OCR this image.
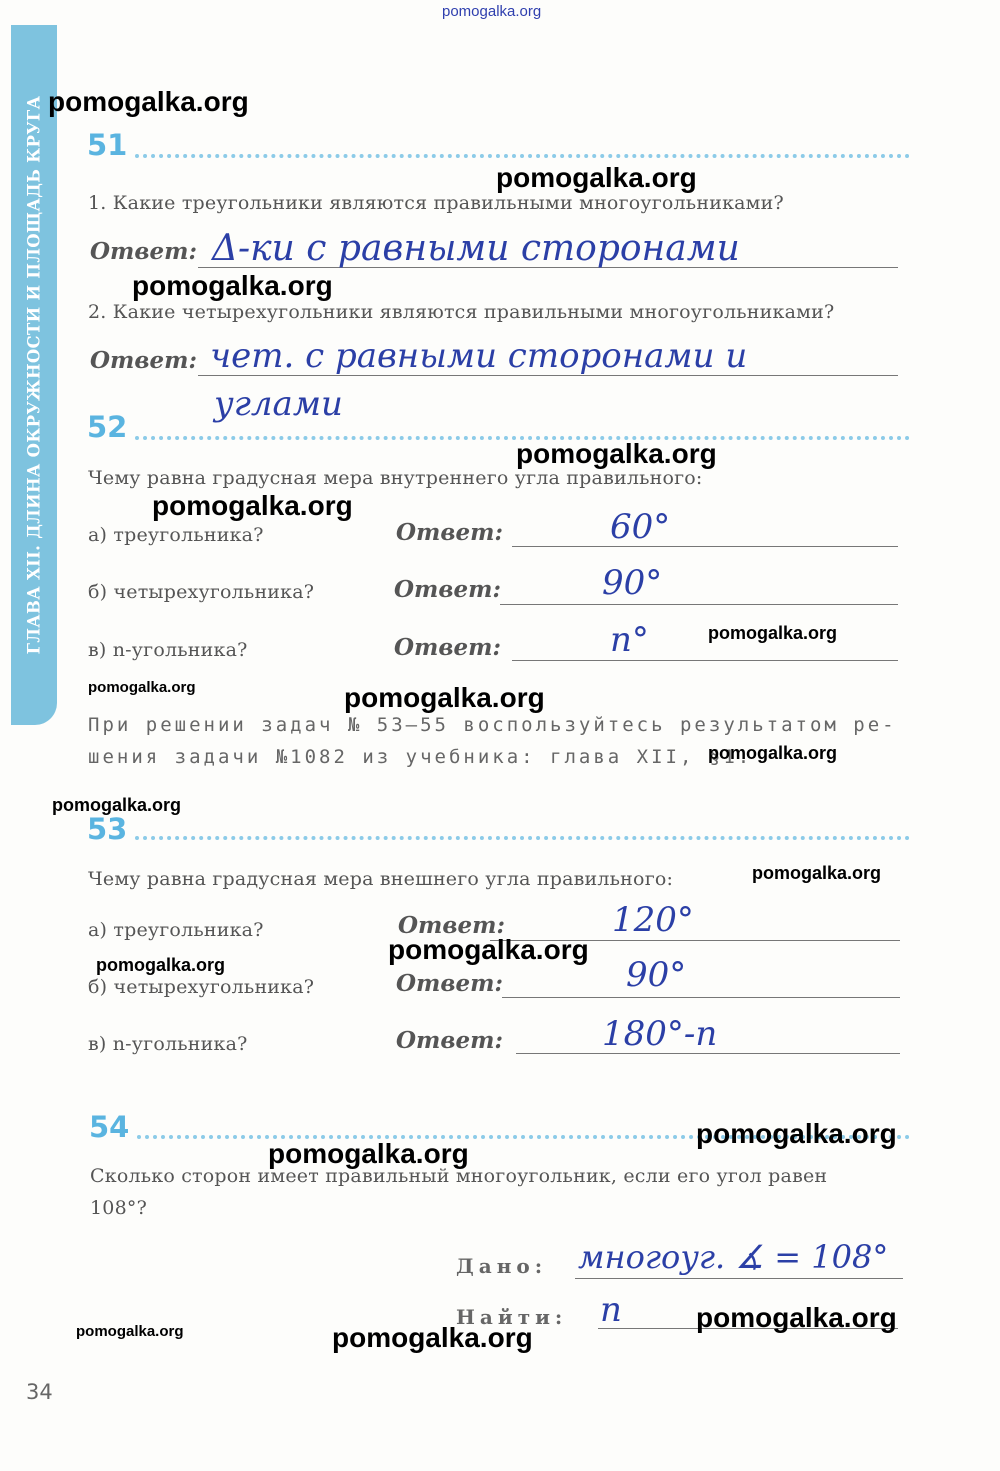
pomogalka.org
ГЛАВА XII. ДЛИНА ОКРУЖНОСТИ И ПЛОЩАДЬ КРУГА 51
1. Какие треугольники являются правильными многоугольниками?
Ответ: Δ-ки с равными сторонами
2. Какие четырехугольники являются правильными многоугольниками?
Ответ: чет. с равными сторонами и
углами
52
Чему равна градусная мера внутреннего угла правильного:
а) треугольника?	Ответ:	60°
б) четырехугольника?	Ответ:	90°
в) n-угольника?	Ответ:	n°
При решении задач № 53–55 воспользуйтесь результатом ре-
шения задачи №1082 из учебника: глава XII, §1.
53
Чему равна градусная мера внешнего угла правильного:
а) треугольника?	Ответ:	120°
б) четырехугольника?	Ответ:	90°
в) n-угольника?	Ответ:	180°-n
54
Сколько сторон имеет правильный многоугольник, если его угол равен
108°?
Дано: многоуг. ∡ = 108°
Найти: n
34
pomogalka.org
pomogalka.org
pomogalka.org
pomogalka.org
pomogalka.org
pomogalka.org
pomogalka.org	pomogalka.org
pomogalka.org
pomogalka.org
pomogalka.org
pomogalka.org
pomogalka.org
pomogalka.org
pomogalka.org
pomogalka.org
pomogalka.org	pomogalka.org
